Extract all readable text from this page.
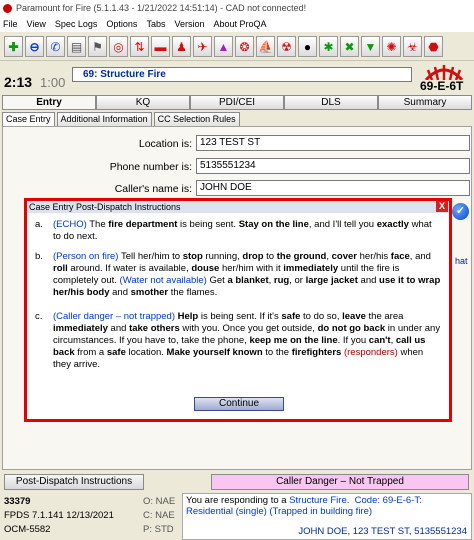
Paramount for Fire (5.1.1.43 - 1/21/2022 14:51:14) - CAD not connected!
File View Spec Logs Options Tabs Version About ProQA
✚ ⊖ ✆ ▤ ⚑ ◎ ⇅ ▬ ♟ ✈ ▲ ❂ ⛵ ☢	●	✱ ✖ ▼ ✺ ☣ ⬣
2:13 1:00
69: Structure Fire
69-E-6T
Entry	KQ	PDI/CEI	DLS	Summary
Case Entry	Additional Information	CC Selection Rules
Location is: 123 TEST ST
Phone number is: 5135551234
Caller's name is: JOHN DOE
✓
hat
Case Entry Post-Dispatch Instructions	X
a. (ECHO) The fire department is being sent. Stay on the line, and I'll tell you exactly what to do next.
b. (Person on fire) Tell her/him to stop running, drop to the ground, cover her/his face, and roll around. If water is available, douse her/him with it immediately until the fire is completely out. (Water not available) Get a blanket, rug, or large jacket and use it to wrap her/his body and smother the flames.
c. (Caller danger – not trapped) Help is being sent. If it's safe to do so, leave the area immediately and take others with you. Once you get outside, do not go back in under any circumstances. If you have to, take the phone, keep me on the line. If you can't, call us back from a safe location. Make yourself known to the firefighters (responders) when they arrive.
Continue
Post-Dispatch Instructions	Caller Danger – Not Trapped
33379
FPDS 7.1.141 12/13/2021
OCM-5582
O: NAE
C: NAE
P: STD
You are responding to a Structure Fire. Code: 69-E-6-T:
Residential (single) (Trapped in building fire)
JOHN DOE, 123 TEST ST, 5135551234
